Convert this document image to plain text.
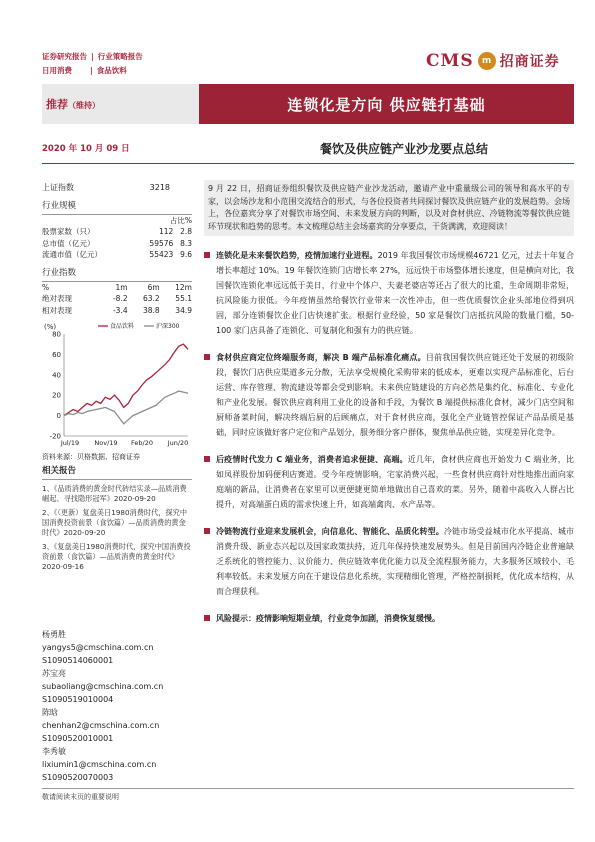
证券研究报告 | 行业策略报告
日用消费 | 食品饮料	CMS m 招商证券
推荐（维持）	连锁化是方向 供应链打基础
2020 年 10 月 09 日	餐饮及供应链产业沙龙要点总结
上证指数	3218
行业规模
占比%
股票家数（只）	112	2.8
总市值（亿元）	59576	8.3
流通市值（亿元）	55423	9.6
行业指数
%	1m	6m	12m
绝对表现	-8.2	63.2	55.1
相对表现	-3.4	38.8	34.9
(%)
-20
0
20
40
60
80
Jul/19 Nov/19 Feb/20 Jun/20
食品饮料	沪深300
资料来源：贝格数据、招商证券
相关报告
1、《品质消费的黄金时代砖结实录—品质消费崛起、寻找隐形冠军》2020-09-20
2、《（更新）复盘美日1980消费时代，探究中国消费投资前景（食饮篇）—品质消费的黄金时代》2020-09-20
3、《复盘美日1980消费时代，探究中国消费投资前景（食饮篇）—品质消费的黄金时代》2020-09-16
杨勇胜
yangys5@cmschina.com.cn
S1090514060001
苏宝亮
subaoliang@cmschina.com.cn
S1090519010004
陈晗
chenhan2@cmschina.com.cn
S1090520010001
李秀敏
lixiumin1@cmschina.com.cn
S1090520070003
敬请阅读末页的重要说明
9 月 22 日，招商证券组织餐饮及供应链产业沙龙活动，邀请产业中重量级公司的领导和高水平的专家，以会场沙龙和小范围交流结合的形式，与各位投资者共同探讨餐饮及供应链产业的发展趋势。会场上，各位嘉宾分享了对餐饮市场空间、未来发展方向的判断，以及对食材供应、冷链物流等餐饮供应链环节现状和趋势的思考。本文梳理总结主会场嘉宾的分享要点，干货满满，欢迎阅读！
连锁化是未来餐饮趋势，疫情加速行业进程。2019 年我国餐饮市场规模46721 亿元，过去十年复合增长率超过 10%。19 年餐饮连锁门店增长率 27%，远远快于市场整体增长速度，但是横向对比，我国餐饮连锁化率远远低于美日，行业中个体户、夫妻老婆店等还占了很大的比重，生命周期非常短，抗风险能力很低。今年疫情虽然给餐饮行业带来一次性冲击，但一些优质餐饮企业头部地位得到巩固，部分连锁餐饮企业门店快速扩张。根据行业经验，50 家是餐饮门店抵抗风险的数量门槛，50-100 家门店具备了连锁化、可复制化和强有力的供应链。
食材供应商定位终端服务商，解决 B 端产品标准化痛点。目前我国餐饮供应链还处于发展的初级阶段，餐饮门店供应渠道多元分散，无法享受规模化采购带来的低成本，更难以实现产品标准化，后台运营、库存管理、物流建设等都会受到影响。未来供应链建设的方向必然是集约化、标准化、专业化和产业化发展。餐饮供应商利用工业化的设备和手段，为餐饮 B 端提供标准化食材，减少门店空间和厨师备菜时间，解决终端后厨的后顾痛点，对于食材供应商，强化全产业链管控保证产品品质是基础，同时应该做好客户定位和产品划分，服务细分客户群体，聚焦单品供应链，实现差异化竞争。
后疫情时代发力 C 端业务，消费者追求便捷、高端。近几年，食材供应商也开始发力 C 端业务，比如凤祥股份加码便利店赛道。受今年疫情影响，宅家消费兴起，一些食材供应商针对性地推出面向家庭端的新品，让消费者在家里可以更便捷更简单地做出自己喜欢的菜。另外，随着中高收入人群占比提升，对高端蛋白质的需求快速上升，如高端禽肉、水产品等。
冷链物流行业迎来发展机会，向信息化、智能化、品质化转型。冷链市场受益城市化水平提高、城市消费升级、新业态兴起以及国家政策扶持，近几年保持快速发展势头。但是目前国内冷链企业普遍缺乏系统化的管控能力、议价能力、供应链效率优化能力以及全流程服务能力，大多服务区域较小、毛利率较低。未来发展方向在于建设信息化系统，实现精细化管理，严格控制损耗，优化成本结构，从而合理获利。
风险提示：疫情影响短期业绩，行业竞争加剧，消费恢复缓慢。
